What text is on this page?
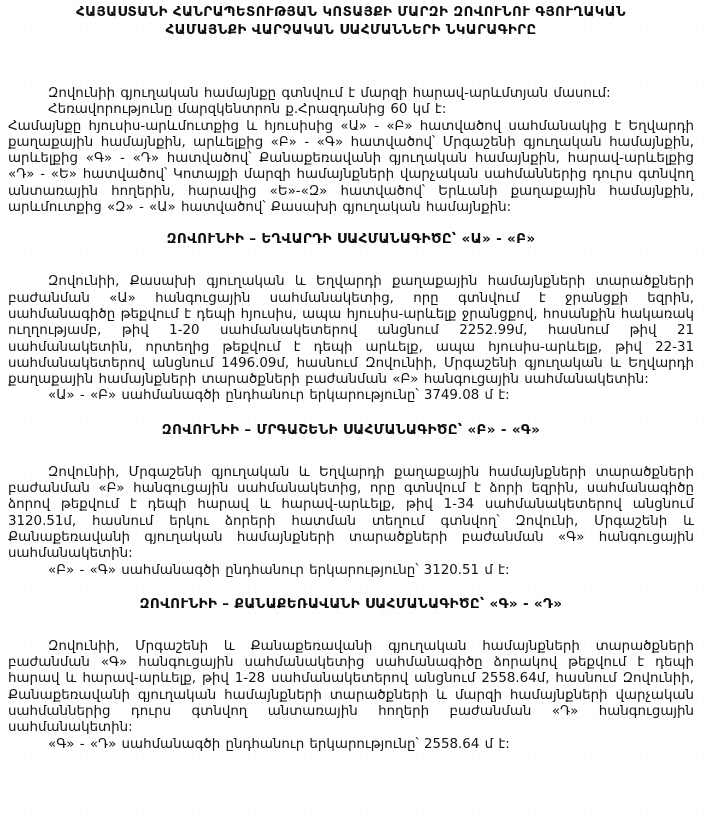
ՀԱՅԱՍՏԱՆԻ ՀԱՆՐԱՊԵՏՈՒԹՅԱՆ ԿՈՏԱՅՔԻ ՄԱՐԶԻ ԶՈՎՈՒՆՈՒ ԳՅՈՒՂԱԿԱՆ
ՀԱՄԱՅՆՔԻ ՎԱՐՉԱԿԱՆ ՍԱՀՄԱՆՆԵՐԻ ՆԿԱՐԱԳԻՐԸ

Զովունիի գյուղական համայնքը գտնվում է մարզի հարավ-արևմտյան մասում:

Հեռավորությունը մարզկենտրոն ք.Հրազդանից 60 կմ է:

Համայնքը հյուսիս-արևմուտքից և հյուսիսից «Ա» - «Բ» հատվածով սահմանակից է Եղվարդի քաղաքային համայնքին, արևելքից «Բ» - «Գ» հատվածով՝ Մրգաշենի գյուղական համայնքին, արևելքից «Գ» - «Դ» հատվածով՝ Քանաքեռավանի գյուղական համայնքին, հարավ-արևելքից «Դ» - «Ե» հատվածով՝ Կոտայքի մարզի համայնքների վարչական սահմաններից դուրս գտնվող անտառային հողերին, հարավից «Ե»-«Զ» հատվածով՝ Երևանի քաղաքային համայնքին, արևմուտքից «Զ» - «Ա» հատվածով՝ Քասախի գյուղական համայնքին:

ԶՈՎՈՒՆԻԻ – ԵՂՎԱՐԴԻ ՍԱՀՄԱՆԱԳԻԾԸ՝ «Ա» - «Բ»

Զովունիի, Քասախի գյուղական և Եղվարդի քաղաքային համայնքների տարածքների բաժանման «Ա» հանգուցային սահմանակետից, որը գտնվում է ջրանցքի եզրին, սահմանագիծը թեքվում է դեպի հյուսիս, ապա հյուսիս-արևելք ջրանցքով, հոսանքին հակառակ ուղղությամբ, թիվ 1-20 սահմանակետերով անցնում 2252.99մ, հասնում թիվ 21 սահմանակետին, որտեղից թեքվում է դեպի արևելք, ապա հյուսիս-արևելք, թիվ 22-31 սահմանակետերով անցնում 1496.09մ, հասնում Զովունիի, Մրգաշենի գյուղական և Եղվարդի քաղաքային համայնքների տարածքների բաժանման «Բ» հանգուցային սահմանակետին:

«Ա» - «Բ» սահմանագծի ընդհանուր երկարությունը՝ 3749.08 մ է:

ԶՈՎՈՒՆԻԻ – ՄՐԳԱՇԵՆԻ ՍԱՀՄԱՆԱԳԻԾԸ՝ «Բ» - «Գ»

Զովունիի, Մրգաշենի գյուղական և Եղվարդի քաղաքային համայնքների տարածքների բաժանման «Բ» հանգուցային սահմանակետից, որը գտնվում է ձորի եզրին, սահմանագիծը ձորով թեքվում է դեպի հարավ և հարավ-արևելք, թիվ 1-34 սահմանակետերով անցնում 3120.51մ, հասնում երկու ձորերի հատման տեղում գտնվող՝ Զովունի, Մրգաշենի և Քանաքեռավանի գյուղական համայնքների տարածքների բաժանման «Գ» հանգուցային սահմանակետին:

«Բ» - «Գ» սահմանագծի ընդհանուր երկարությունը՝ 3120.51 մ է:

ԶՈՎՈՒՆԻԻ – ՔԱՆԱՔԵՌԱՎԱՆԻ ՍԱՀՄԱՆԱԳԻԾԸ՝ «Գ» - «Դ»

Զովունիի, Մրգաշենի և Քանաքեռավանի գյուղական համայնքների տարածքների բաժանման «Գ» հանգուցային սահմանակետից սահմանագիծը ձորակով թեքվում է դեպի հարավ և հարավ-արևելք, թիվ 1-28 սահմանակետերով անցնում 2558.64մ, հասնում Զովունիի, Քանաքեռավանի գյուղական համայնքների տարածքների և մարզի համայնքների վարչական սահմաններից դուրս գտնվող անտառային հողերի բաժանման «Դ» հանգուցային սահմանակետին:

«Գ» - «Դ» սահմանագծի ընդհանուր երկարությունը՝ 2558.64 մ է:
